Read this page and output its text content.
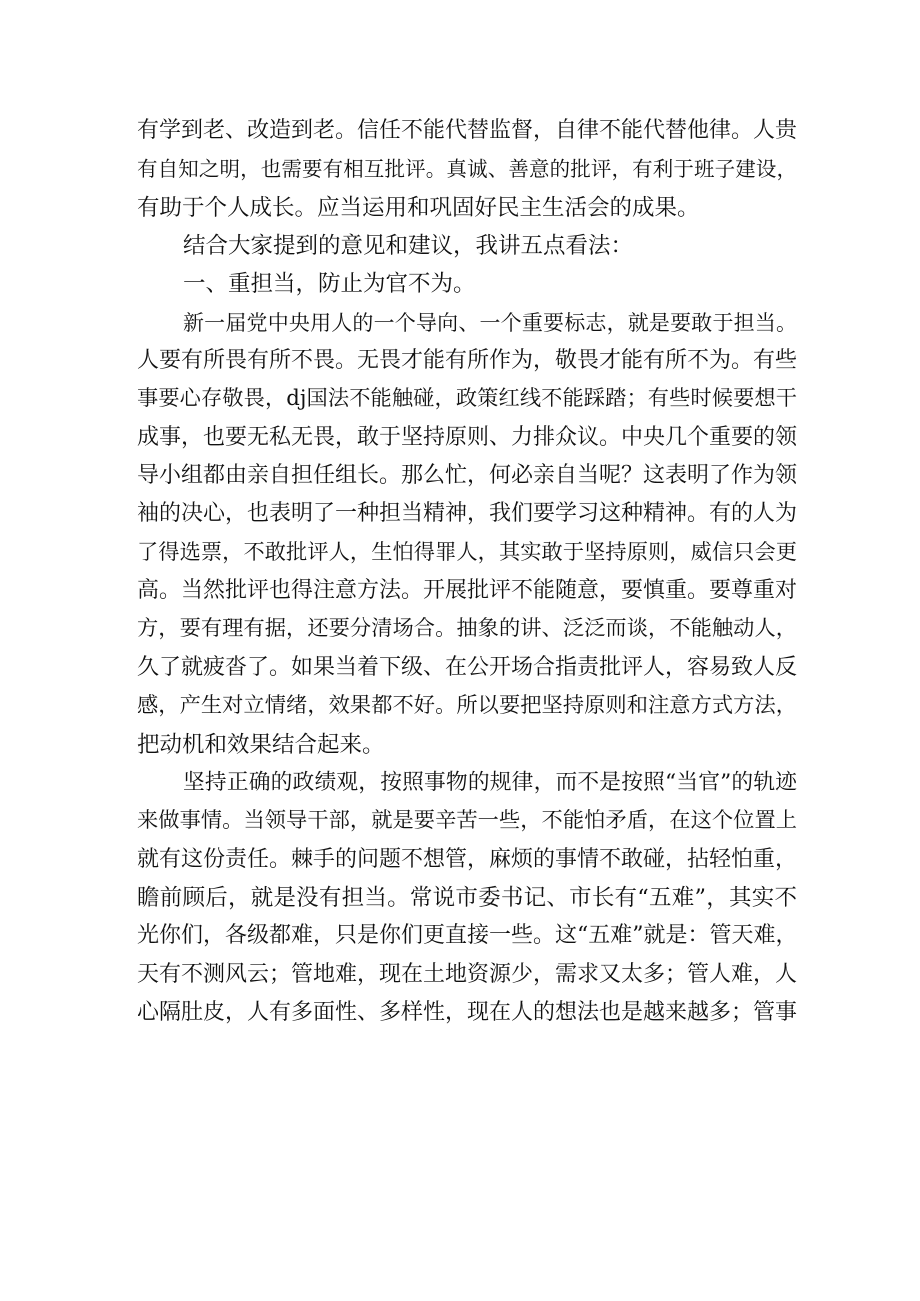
有学到老、改造到老。信任不能代替监督，自律不能代替他律。人贵
有自知之明，也需要有相互批评。真诚、善意的批评，有利于班子建设，
有助于个人成长。应当运用和巩固好民主生活会的成果。
结合大家提到的意见和建议，我讲五点看法：
一、重担当，防止为官不为。
新一届党中央用人的一个导向、一个重要标志，就是要敢于担当。
人要有所畏有所不畏。无畏才能有所作为，敬畏才能有所不为。有些
事要心存敬畏，dj国法不能触碰，政策红线不能踩踏；有些时候要想干
成事，也要无私无畏，敢于坚持原则、力排众议。中央几个重要的领
导小组都由亲自担任组长。那么忙，何必亲自当呢？这表明了作为领
袖的决心，也表明了一种担当精神，我们要学习这种精神。有的人为
了得选票，不敢批评人，生怕得罪人，其实敢于坚持原则，威信只会更
高。当然批评也得注意方法。开展批评不能随意，要慎重。要尊重对
方，要有理有据，还要分清场合。抽象的讲、泛泛而谈，不能触动人，
久了就疲沓了。如果当着下级、在公开场合指责批评人，容易致人反
感，产生对立情绪，效果都不好。所以要把坚持原则和注意方式方法，
把动机和效果结合起来。
坚持正确的政绩观，按照事物的规律，而不是按照“当官”的轨迹
来做事情。当领导干部，就是要辛苦一些，不能怕矛盾，在这个位置上
就有这份责任。棘手的问题不想管，麻烦的事情不敢碰，拈轻怕重，
瞻前顾后，就是没有担当。常说市委书记、市长有“五难”，其实不
光你们，各级都难，只是你们更直接一些。这“五难”就是：管天难，
天有不测风云；管地难，现在土地资源少，需求又太多；管人难，人
心隔肚皮，人有多面性、多样性，现在人的想法也是越来越多；管事
